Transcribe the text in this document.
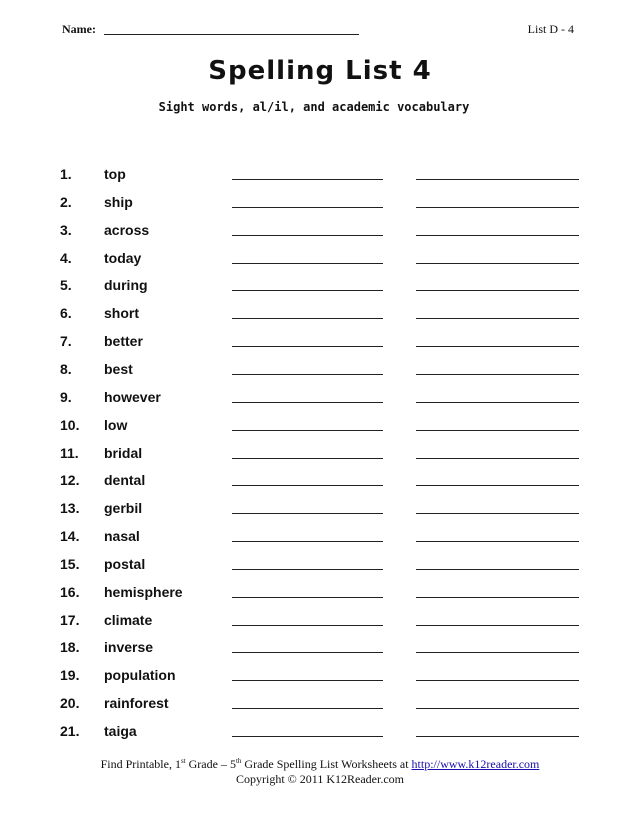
Name:	List D - 4
Spelling List 4
Sight words, al/il, and academic vocabulary
1.	top
2.	ship
3.	across
4.	today
5.	during
6.	short
7.	better
8.	best
9.	however
10.	low
11.	bridal
12.	dental
13.	gerbil
14.	nasal
15.	postal
16.	hemisphere
17.	climate
18.	inverse
19.	population
20.	rainforest
21.	taiga
Find Printable, 1st Grade – 5th Grade Spelling List Worksheets at http://www.k12reader.com
Copyright © 2011 K12Reader.com
